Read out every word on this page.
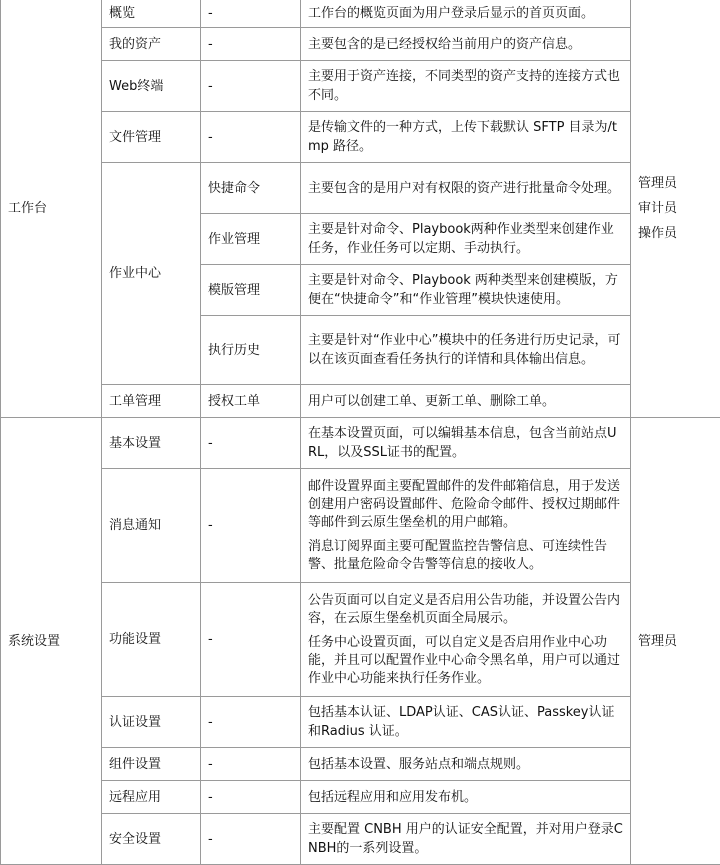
工作台	概览	-	工作台的概览页面为用户登录后显示的首页页面。	管理员
审计员
操作员

	我的资产	-	主要包含的是已经授权给当前用户的资产信息。	

	Web终端	-	主要用于资产连接，不同类型的资产支持的连接方式也不同。	

	文件管理	-	是传输文件的一种方式，上传下载默认 SFTP 目录为/tmp 路径。	

	作业中心	快捷命令	主要包含的是用户对有权限的资产进行批量命令处理。	

		作业管理	主要是针对命令、Playbook两种作业类型来创建作业任务，作业任务可以定期、手动执行。	

		模版管理	主要是针对命令、Playbook 两种类型来创建模版，方便在“快捷命令”和“作业管理”模块快速使用。	

		执行历史	主要是针对“作业中心”模块中的任务进行历史记录，可以在该页面查看任务执行的详情和具体输出信息。	

	工单管理	授权工单	用户可以创建工单、更新工单、删除工单。	

系统设置	基本设置	-	在基本设置页面，可以编辑基本信息，包含当前站点URL，以及SSL证书的配置。	管理员

	消息通知	-	邮件设置界面主要配置邮件的发件邮箱信息，用于发送创建用户密码设置邮件、危险命令邮件、授权过期邮件等邮件到云原生堡垒机的用户邮箱。
消息订阅界面主要可配置监控告警信息、可连续性告警、批量危险命令告警等信息的接收人。	

	功能设置	-	公告页面可以自定义是否启用公告功能，并设置公告内容，在云原生堡垒机页面全局展示。
任务中心设置页面，可以自定义是否启用作业中心功能，并且可以配置作业中心命令黑名单，用户可以通过作业中心功能来执行任务作业。	

	认证设置	-	包括基本认证、LDAP认证、CAS认证、Passkey认证和Radius 认证。	

	组件设置	-	包括基本设置、服务站点和端点规则。	

	远程应用	-	包括远程应用和应用发布机。	

	安全设置	-	主要配置 CNBH 用户的认证安全配置，并对用户登录CNBH的一系列设置。	
